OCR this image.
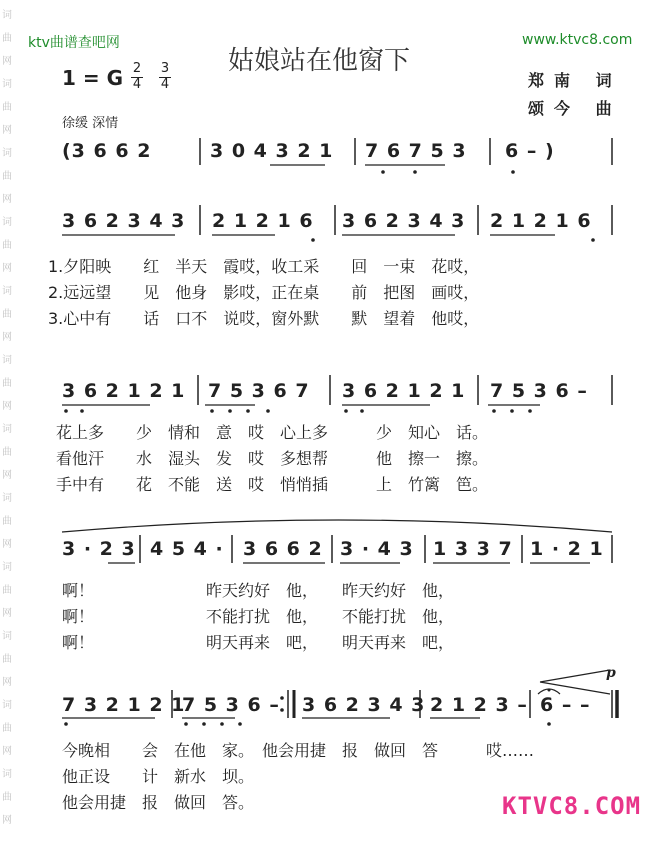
词
曲
网
词
曲
网
词
曲
网
词
曲
网
词
曲
网
词
曲
网
词
曲
网
词
曲
网
词
曲
网
词
曲
网
词
曲
网
词
曲
网
ktv曲谱查吧网	www.ktvc8.com
姑娘站在他窗下
1 = G 2
4
3
4	郑南 词
颂今 曲
徐缓 深情
(3 6 6 2	3 0 4 3 2 1 7 6 7 5 3 6 – )
3 6 2 3 4 3 2 1 2 1 6 3 6 2 3 4 3 2 1 2 1 6
1.夕阳映　　红　半天　霞哎，收工采　　回　一束　花哎，
2.远远望　　见　他身　影哎，正在桌　　前　把图　画哎，
3.心中有　　话　口不　说哎，窗外默　　默　望着　他哎，
3 6 2 1 2 1 7 5 3 6 7 3 6 2 1 2 1 7 5 3 6 –
花上多　　少　情和　意　哎　心上多　　　少　知心　话。
看他汗　　水　湿头　发　哎　多想帮　　　他　擦一　擦。
手中有　　花　不能　送　哎　悄悄插　　　上　竹篱　笆。
3 · 2 3 4 5 4 · 3 6 6 2 3 · 4 3 1 3 3 7 1 · 2 1
啊！　　　　　　　昨天约好　他，　　昨天约好　他，
啊！　　　　　　　不能打扰　他，　　不能打扰　他，
啊！　　　　　　　明天再来　吧，　　明天再来　吧，
7 3 2 1 2 1
7 5 3 6 – 3 6 2 3 4 3 2 1 2 3 – 6 – –
p
今晚相　　会　在他　家。　他会用捷　报　做回　答　　　哎……
他正设　　计　新水　坝。
他会用捷　报　做回　答。	KTVC8.COM
